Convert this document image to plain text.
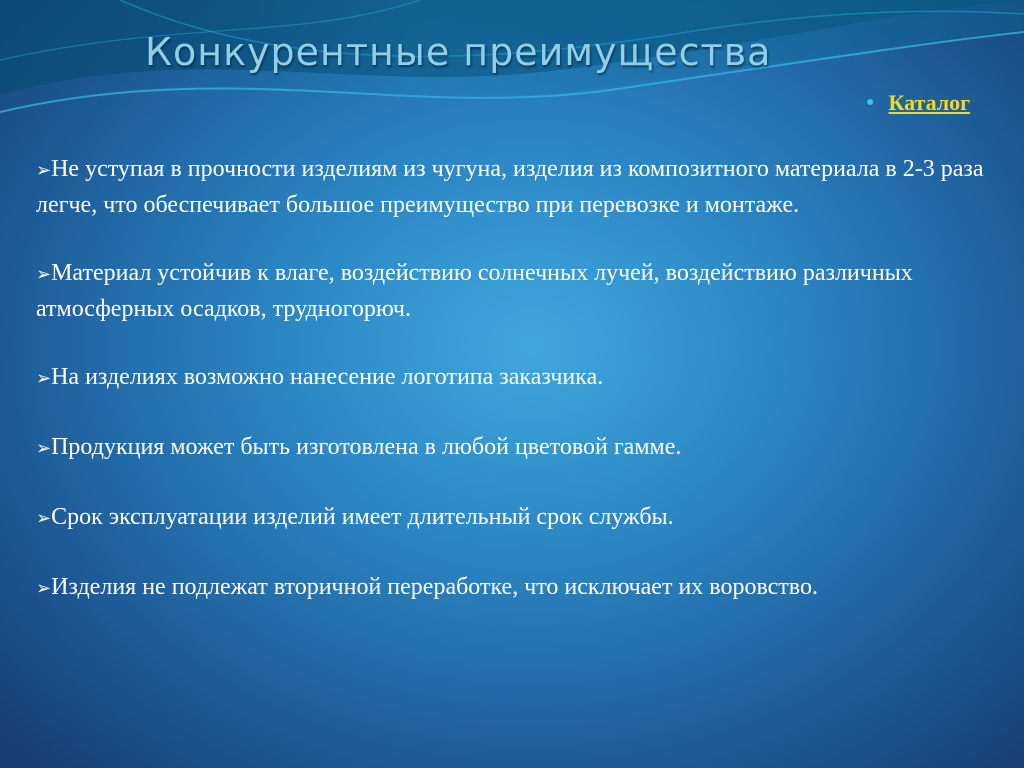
Конкурентные преимущества
● Каталог

➢Не уступая в прочности изделиям из чугуна, изделия из композитного материала в 2-3 раза легче, что обеспечивает большое преимущество при перевозке и монтаже.

➢Материал устойчив к влаге, воздействию солнечных лучей, воздействию различных атмосферных осадков, трудногорюч.

➢На изделиях возможно нанесение логотипа заказчика.

➢Продукция может быть изготовлена в любой цветовой гамме.

➢Срок эксплуатации изделий имеет длительный срок службы.

➢Изделия не подлежат вторичной переработке, что исключает их воровство.
